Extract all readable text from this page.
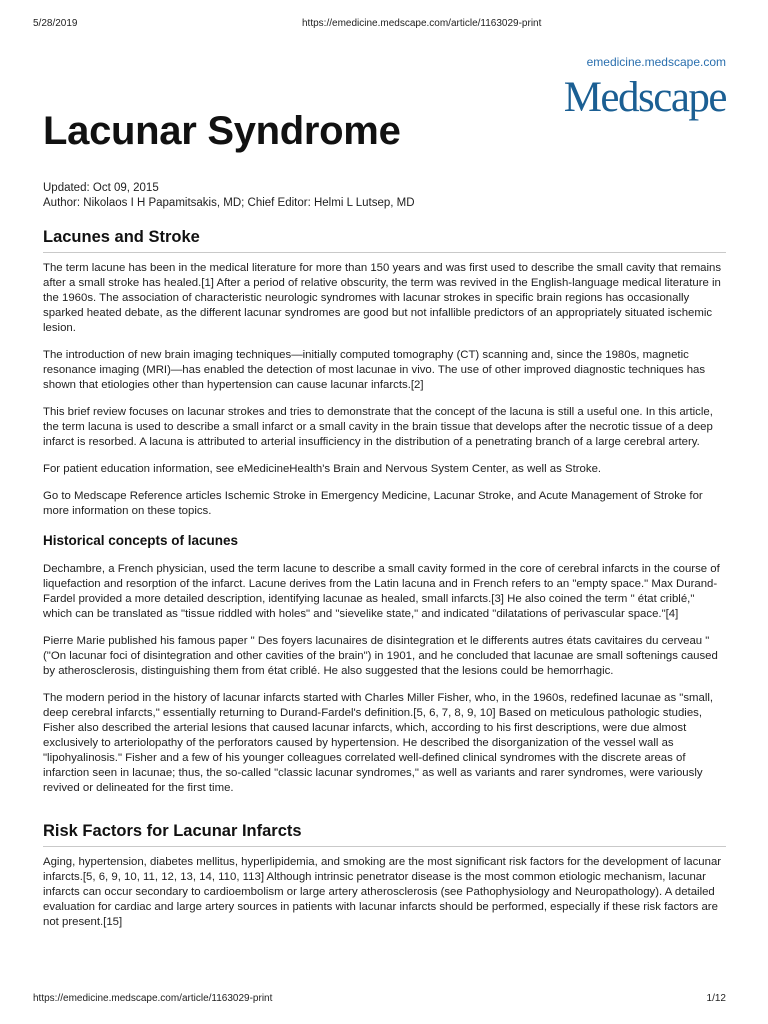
5/28/2019	https://emedicine.medscape.com/article/1163029-print
emedicine.medscape.com
Medscape
Lacunar Syndrome
Updated: Oct 09, 2015
Author: Nikolaos I H Papamitsakis, MD; Chief Editor: Helmi L Lutsep, MD
Lacunes and Stroke

The term lacune has been in the medical literature for more than 150 years and was first used to describe the small cavity that remains after a small stroke has healed.[1] After a period of relative obscurity, the term was revived in the English-language medical literature in the 1960s. The association of characteristic neurologic syndromes with lacunar strokes in specific brain regions has occasionally sparked heated debate, as the different lacunar syndromes are good but not infallible predictors of an appropriately situated ischemic lesion.

The introduction of new brain imaging techniques—initially computed tomography (CT) scanning and, since the 1980s, magnetic resonance imaging (MRI)—has enabled the detection of most lacunae in vivo. The use of other improved diagnostic techniques has shown that etiologies other than hypertension can cause lacunar infarcts.[2]

This brief review focuses on lacunar strokes and tries to demonstrate that the concept of the lacuna is still a useful one. In this article, the term lacuna is used to describe a small infarct or a small cavity in the brain tissue that develops after the necrotic tissue of a deep infarct is resorbed. A lacuna is attributed to arterial insufficiency in the distribution of a penetrating branch of a large cerebral artery.

For patient education information, see eMedicineHealth's Brain and Nervous System Center, as well as Stroke.

Go to Medscape Reference articles Ischemic Stroke in Emergency Medicine, Lacunar Stroke, and Acute Management of Stroke for more information on these topics.

Historical concepts of lacunes

Dechambre, a French physician, used the term lacune to describe a small cavity formed in the core of cerebral infarcts in the course of liquefaction and resorption of the infarct. Lacune derives from the Latin lacuna and in French refers to an "empty space." Max Durand-Fardel provided a more detailed description, identifying lacunae as healed, small infarcts.[3] He also coined the term " état criblé," which can be translated as "tissue riddled with holes" and "sievelike state," and indicated "dilatations of perivascular space."[4]

Pierre Marie published his famous paper " Des foyers lacunaires de disintegration et le differents autres états cavitaires du cerveau " ("On lacunar foci of disintegration and other cavities of the brain") in 1901, and he concluded that lacunae are small softenings caused by atherosclerosis, distinguishing them from état criblé. He also suggested that the lesions could be hemorrhagic.

The modern period in the history of lacunar infarcts started with Charles Miller Fisher, who, in the 1960s, redefined lacunae as "small, deep cerebral infarcts," essentially returning to Durand-Fardel's definition.[5, 6, 7, 8, 9, 10] Based on meticulous pathologic studies, Fisher also described the arterial lesions that caused lacunar infarcts, which, according to his first descriptions, were due almost exclusively to arteriolopathy of the perforators caused by hypertension. He described the disorganization of the vessel wall as "lipohyalinosis." Fisher and a few of his younger colleagues correlated well-defined clinical syndromes with the discrete areas of infarction seen in lacunae; thus, the so-called "classic lacunar syndromes," as well as variants and rarer syndromes, were variously revived or delineated for the first time.

Risk Factors for Lacunar Infarcts

Aging, hypertension, diabetes mellitus, hyperlipidemia, and smoking are the most significant risk factors for the development of lacunar infarcts.[5, 6, 9, 10, 11, 12, 13, 14, 110, 113] Although intrinsic penetrator disease is the most common etiologic mechanism, lacunar infarcts can occur secondary to cardioembolism or large artery atherosclerosis (see Pathophysiology and Neuropathology). A detailed evaluation for cardiac and large artery sources in patients with lacunar infarcts should be performed, especially if these risk factors are not present.[15]

https://emedicine.medscape.com/article/1163029-print	1/12
